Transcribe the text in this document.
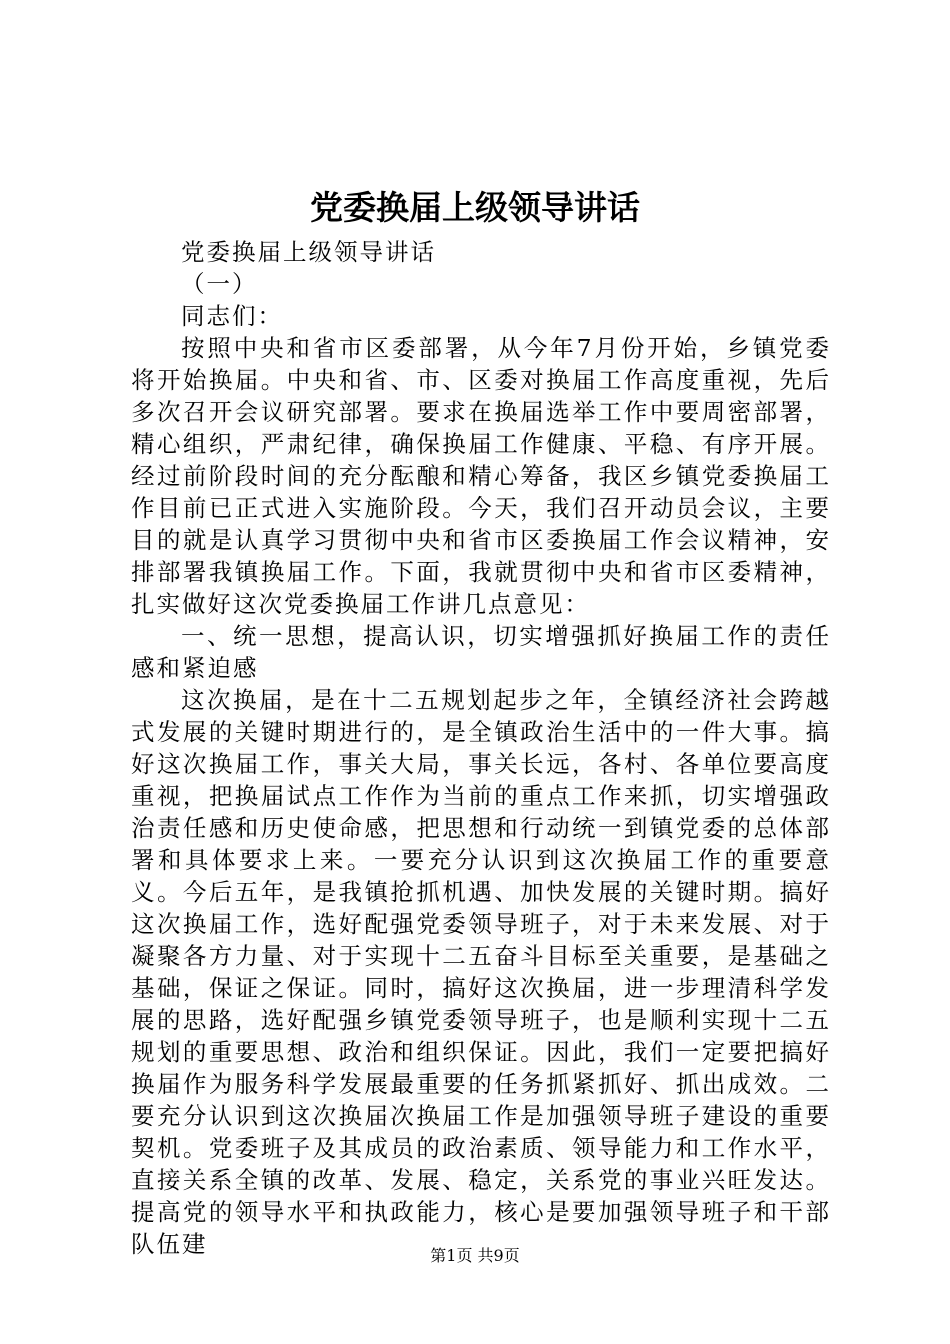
党委换届上级领导讲话

党委换届上级领导讲话

（一）

同志们：

按照中央和省市区委部署，从今年7月份开始，乡镇党委将开始换届。中央和省、市、区委对换届工作高度重视，先后多次召开会议研究部署。要求在换届选举工作中要周密部署，精心组织，严肃纪律，确保换届工作健康、平稳、有序开展。经过前阶段时间的充分酝酿和精心筹备，我区乡镇党委换届工作目前已正式进入实施阶段。今天，我们召开动员会议，主要目的就是认真学习贯彻中央和省市区委换届工作会议精神，安排部署我镇换届工作。下面，我就贯彻中央和省市区委精神，扎实做好这次党委换届工作讲几点意见：

一、统一思想，提高认识，切实增强抓好换届工作的责任感和紧迫感

这次换届，是在十二五规划起步之年，全镇经济社会跨越式发展的关键时期进行的，是全镇政治生活中的一件大事。搞好这次换届工作，事关大局，事关长远，各村、各单位要高度重视，把换届试点工作作为当前的重点工作来抓，切实增强政治责任感和历史使命感，把思想和行动统一到镇党委的总体部署和具体要求上来。一要充分认识到这次换届工作的重要意义。今后五年，是我镇抢抓机遇、加快发展的关键时期。搞好这次换届工作，选好配强党委领导班子，对于未来发展、对于凝聚各方力量、对于实现十二五奋斗目标至关重要，是基础之基础，保证之保证。同时，搞好这次换届，进一步理清科学发展的思路，选好配强乡镇党委领导班子，也是顺利实现十二五规划的重要思想、政治和组织保证。因此，我们一定要把搞好换届作为服务科学发展最重要的任务抓紧抓好、抓出成效。二要充分认识到这次换届次换届工作是加强领导班子建设的重要契机。党委班子及其成员的政治素质、领导能力和工作水平，直接关系全镇的改革、发展、稳定，关系党的事业兴旺发达。提高党的领导水平和执政能力，核心是要加强领导班子和干部队伍建	第1页 共9页
